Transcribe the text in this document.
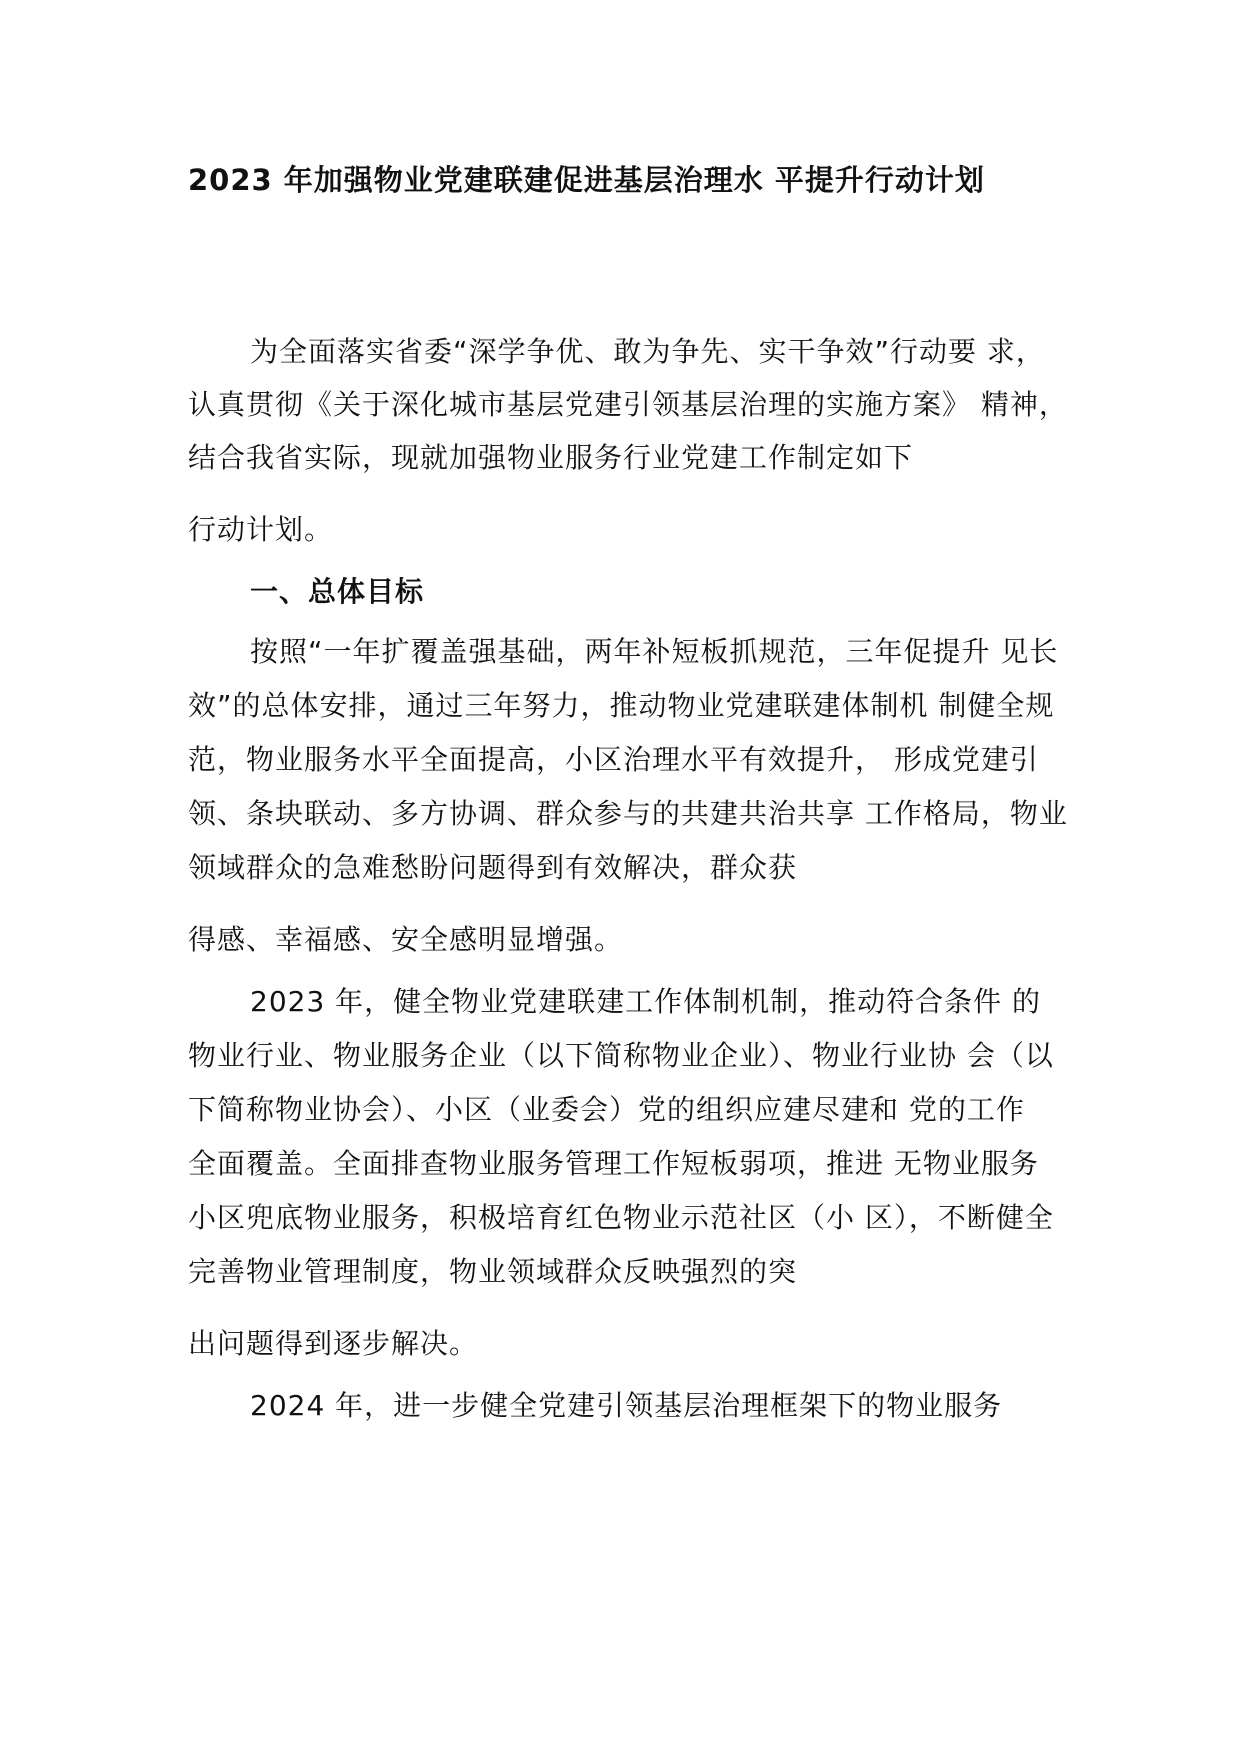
2023 年加强物业党建联建促进基层治理水 平提升行动计划
为全面落实省委“深学争优、敢为争先、实干争效”行动要 求，
认真贯彻《关于深化城市基层党建引领基层治理的实施方案》 精神，
结合我省实际，现就加强物业服务行业党建工作制定如下
行动计划。
一、总体目标
按照“一年扩覆盖强基础，两年补短板抓规范，三年促提升 见长
效”的总体安排，通过三年努力，推动物业党建联建体制机 制健全规
范，物业服务水平全面提高，小区治理水平有效提升， 形成党建引
领、条块联动、多方协调、群众参与的共建共治共享 工作格局，物业
领域群众的急难愁盼问题得到有效解决，群众获
得感、幸福感、安全感明显增强。
2023 年，健全物业党建联建工作体制机制，推动符合条件 的
物业行业、物业服务企业（以下简称物业企业）、物业行业协 会（以
下简称物业协会）、小区（业委会）党的组织应建尽建和 党的工作
全面覆盖。全面排查物业服务管理工作短板弱项，推进 无物业服务
小区兜底物业服务，积极培育红色物业示范社区（小 区），不断健全
完善物业管理制度，物业领域群众反映强烈的突
出问题得到逐步解决。
2024 年，进一步健全党建引领基层治理框架下的物业服务
